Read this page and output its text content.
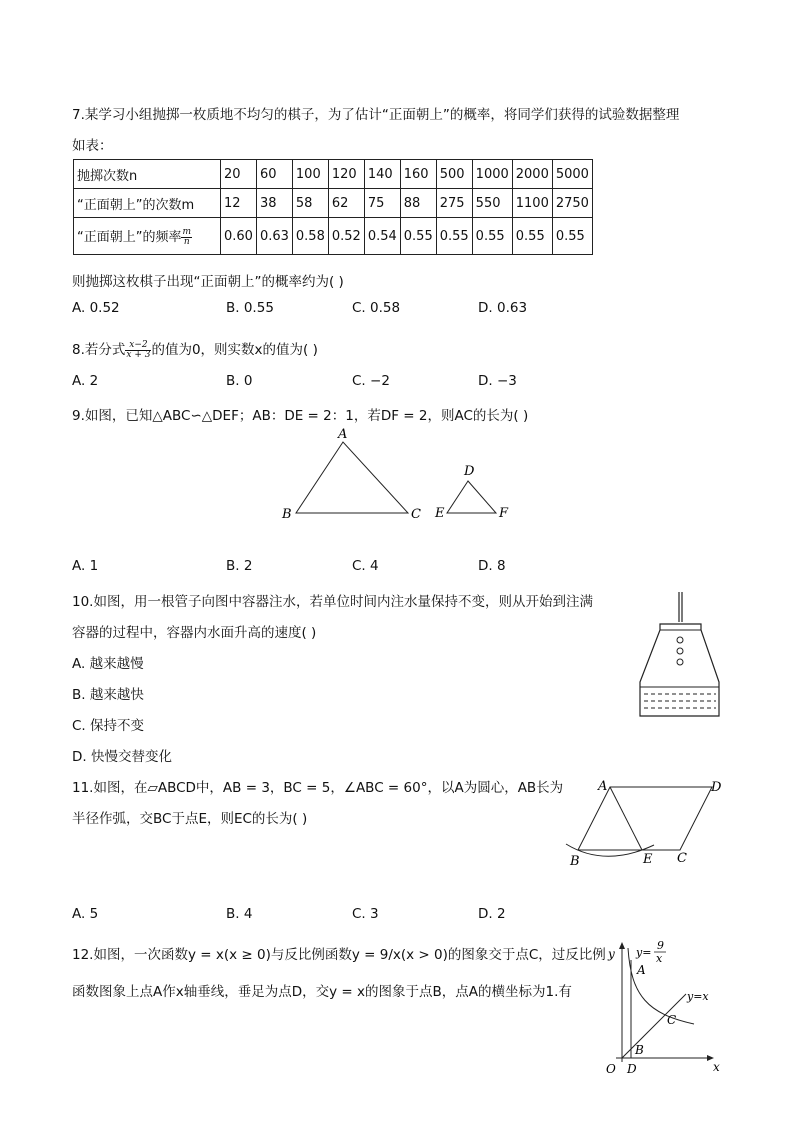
7.某学习小组抛掷一枚质地不均匀的棋子，为了估计“正面朝上”的概率，将同学们获得的试验数据整理
如表：
抛掷次数n	20	60	100	120	140	160	500	1000	2000	5000
“正面朝上”的次数m	12	38	58	62	75	88	275	550	1100	2750
“正面朝上”的频率 $\frac{m}{n}$	0.60	0.63	0.58	0.52	0.54	0.55	0.55	0.55	0.55	0.55
则抛掷这枚棋子出现“正面朝上”的概率约为( )
A. 0.52	B. 0.55	C. 0.58	D. 0.63
8.若分式 $\frac{x-2}{x + 3}$ 的值为0，则实数x的值为( )
A. 2	B. 0	C. −2	D. −3
9.如图，已知△ABC∽△DEF；AB：DE = 2：1，若DF = 2，则AC的长为( )
A
B	C
D
E	F
A. 1	B. 2	C. 4	D. 8
10.如图，用一根管子向图中容器注水，若单位时间内注水量保持不变，则从开始到注满
容器的过程中，容器内水面升高的速度( )
A. 越来越慢
B. 越来越快
C. 保持不变
D. 快慢交替变化
11.如图，在▱ABCD中，AB = 3，BC = 5，∠ABC = 60°，以A为圆心，AB长为
半径作弧，交BC于点E，则EC的长为( )
A	D
B	E C
A. 5	B. 4	C. 3	D. 2
12.如图，一次函数y = x(x ≥ 0)与反比例函数y = 9/x(x > 0)的图象交于点C，过反比例
函数图象上点A作x轴垂线，垂足为点D，交y = x的图象于点B，点A的横坐标为1.有
y
x
O D
B
C
A
y=x
y=
9
x
